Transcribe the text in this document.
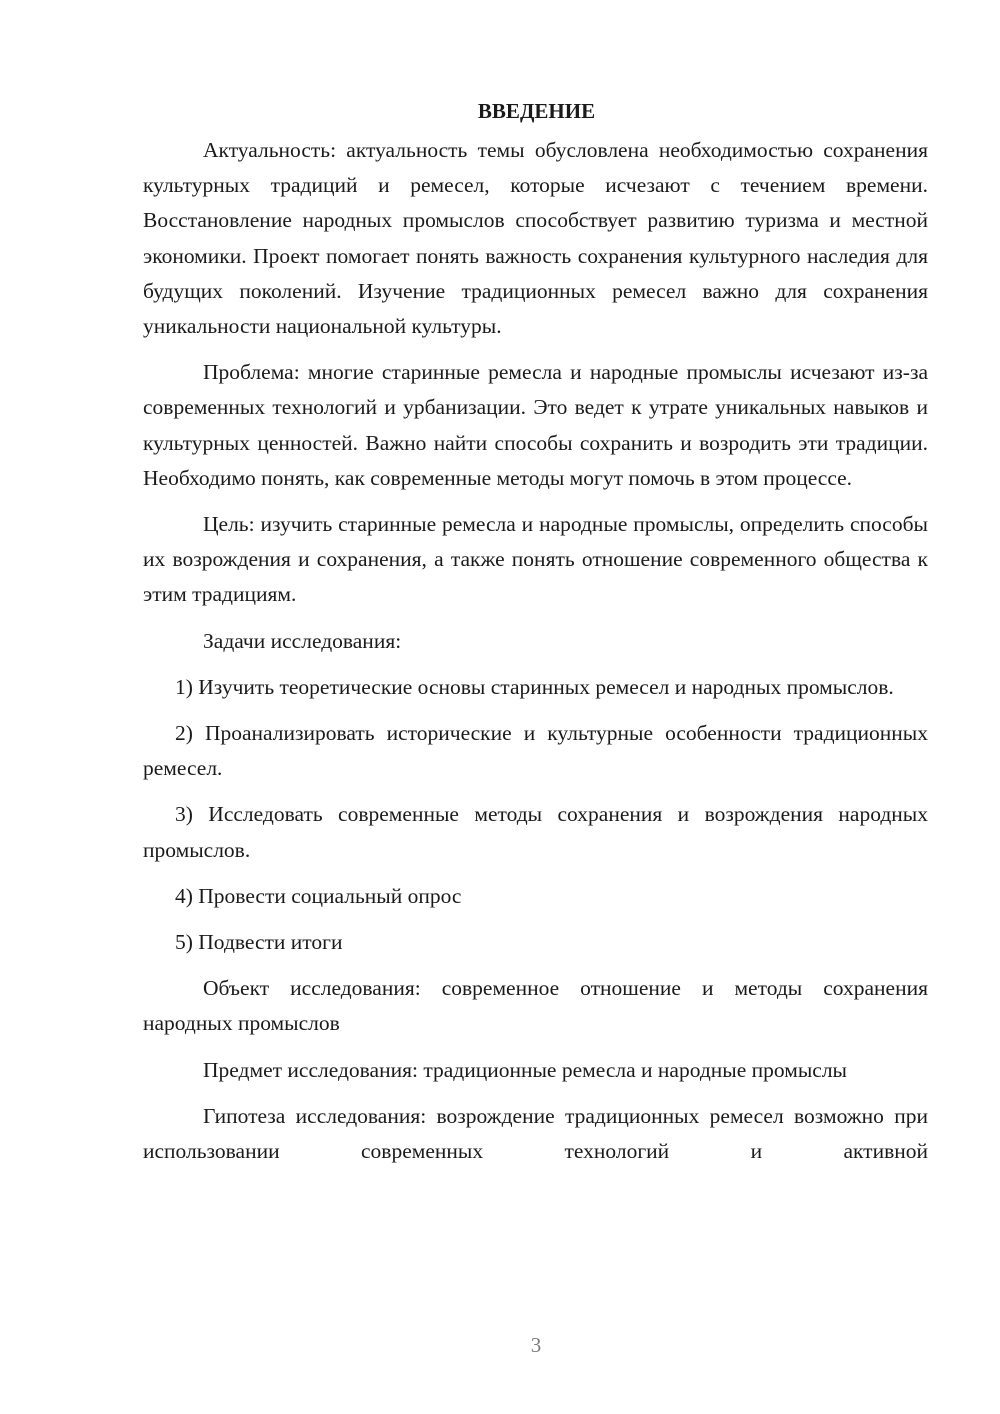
ВВЕДЕНИЕ

Актуальность: актуальность темы обусловлена необходимостью сохранения культурных традиций и ремесел, которые исчезают с течением времени. Восстановление народных промыслов способствует развитию туризма и местной экономики. Проект помогает понять важность сохранения культурного наследия для будущих поколений. Изучение традиционных ремесел важно для сохранения уникальности национальной культуры.

Проблема: многие старинные ремесла и народные промыслы исчезают из-за современных технологий и урбанизации. Это ведет к утрате уникальных навыков и культурных ценностей. Важно найти способы сохранить и возродить эти традиции. Необходимо понять, как современные методы могут помочь в этом процессе.

Цель: изучить старинные ремесла и народные промыслы, определить способы их возрождения и сохранения, а также понять отношение современного общества к этим традициям.

Задачи исследования:

1) Изучить теоретические основы старинных ремесел и народных промыслов.

2) Проанализировать исторические и культурные особенности традиционных ремесел.

3) Исследовать современные методы сохранения и возрождения народных промыслов.

4) Провести социальный опрос

5) Подвести итоги

Объект исследования: современное отношение и методы сохранения народных промыслов

Предмет исследования: традиционные ремесла и народные промыслы

Гипотеза исследования: возрождение традиционных ремесел возможно при использовании современных технологий и активной

3
